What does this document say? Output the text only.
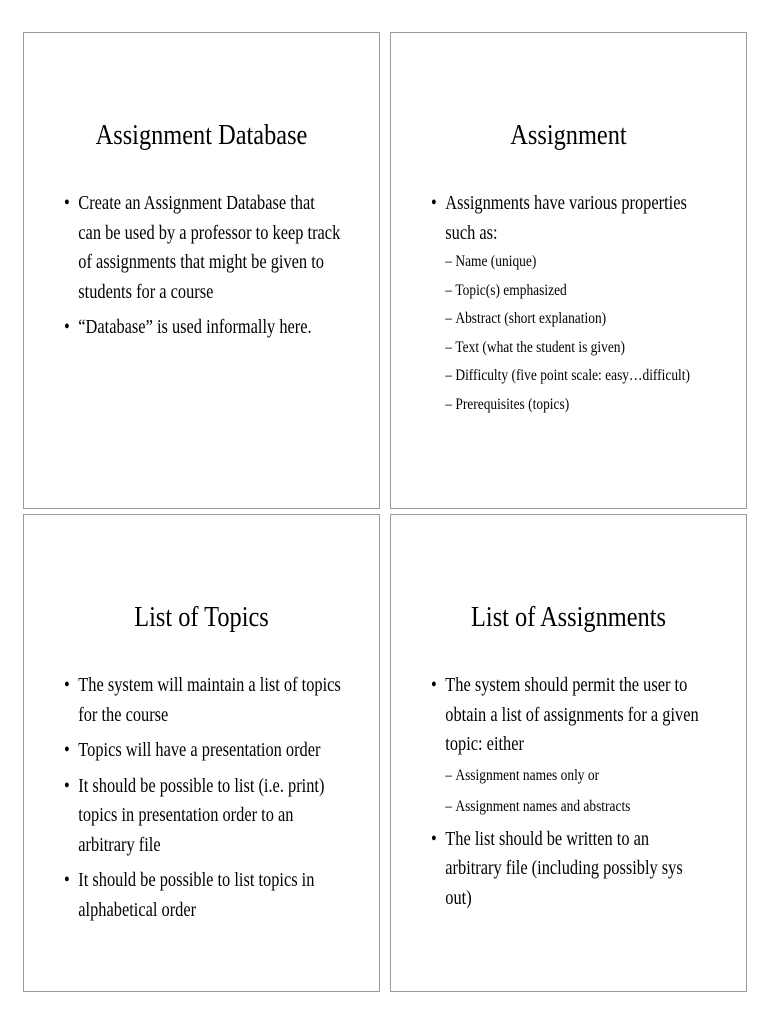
Assignment Database
• Create an Assignment Database that can be used by a professor to keep track of assignments that might be given to students for a course
• “Database” is used informally here.
Assignment
• Assignments have various properties such as:
– Name (unique)
– Topic(s) emphasized
– Abstract (short explanation)
– Text (what the student is given)
– Difficulty (five point scale: easy…difficult)
– Prerequisites (topics)
List of Topics
• The system will maintain a list of topics for the course
• Topics will have a presentation order
• It should be possible to list (i.e. print) topics in presentation order to an arbitrary file
• It should be possible to list topics in alphabetical order
List of Assignments
• The system should permit the user to obtain a list of assignments for a given topic: either
– Assignment names only or
– Assignment names and abstracts
• The list should be written to an arbitrary file (including possibly sys out)
